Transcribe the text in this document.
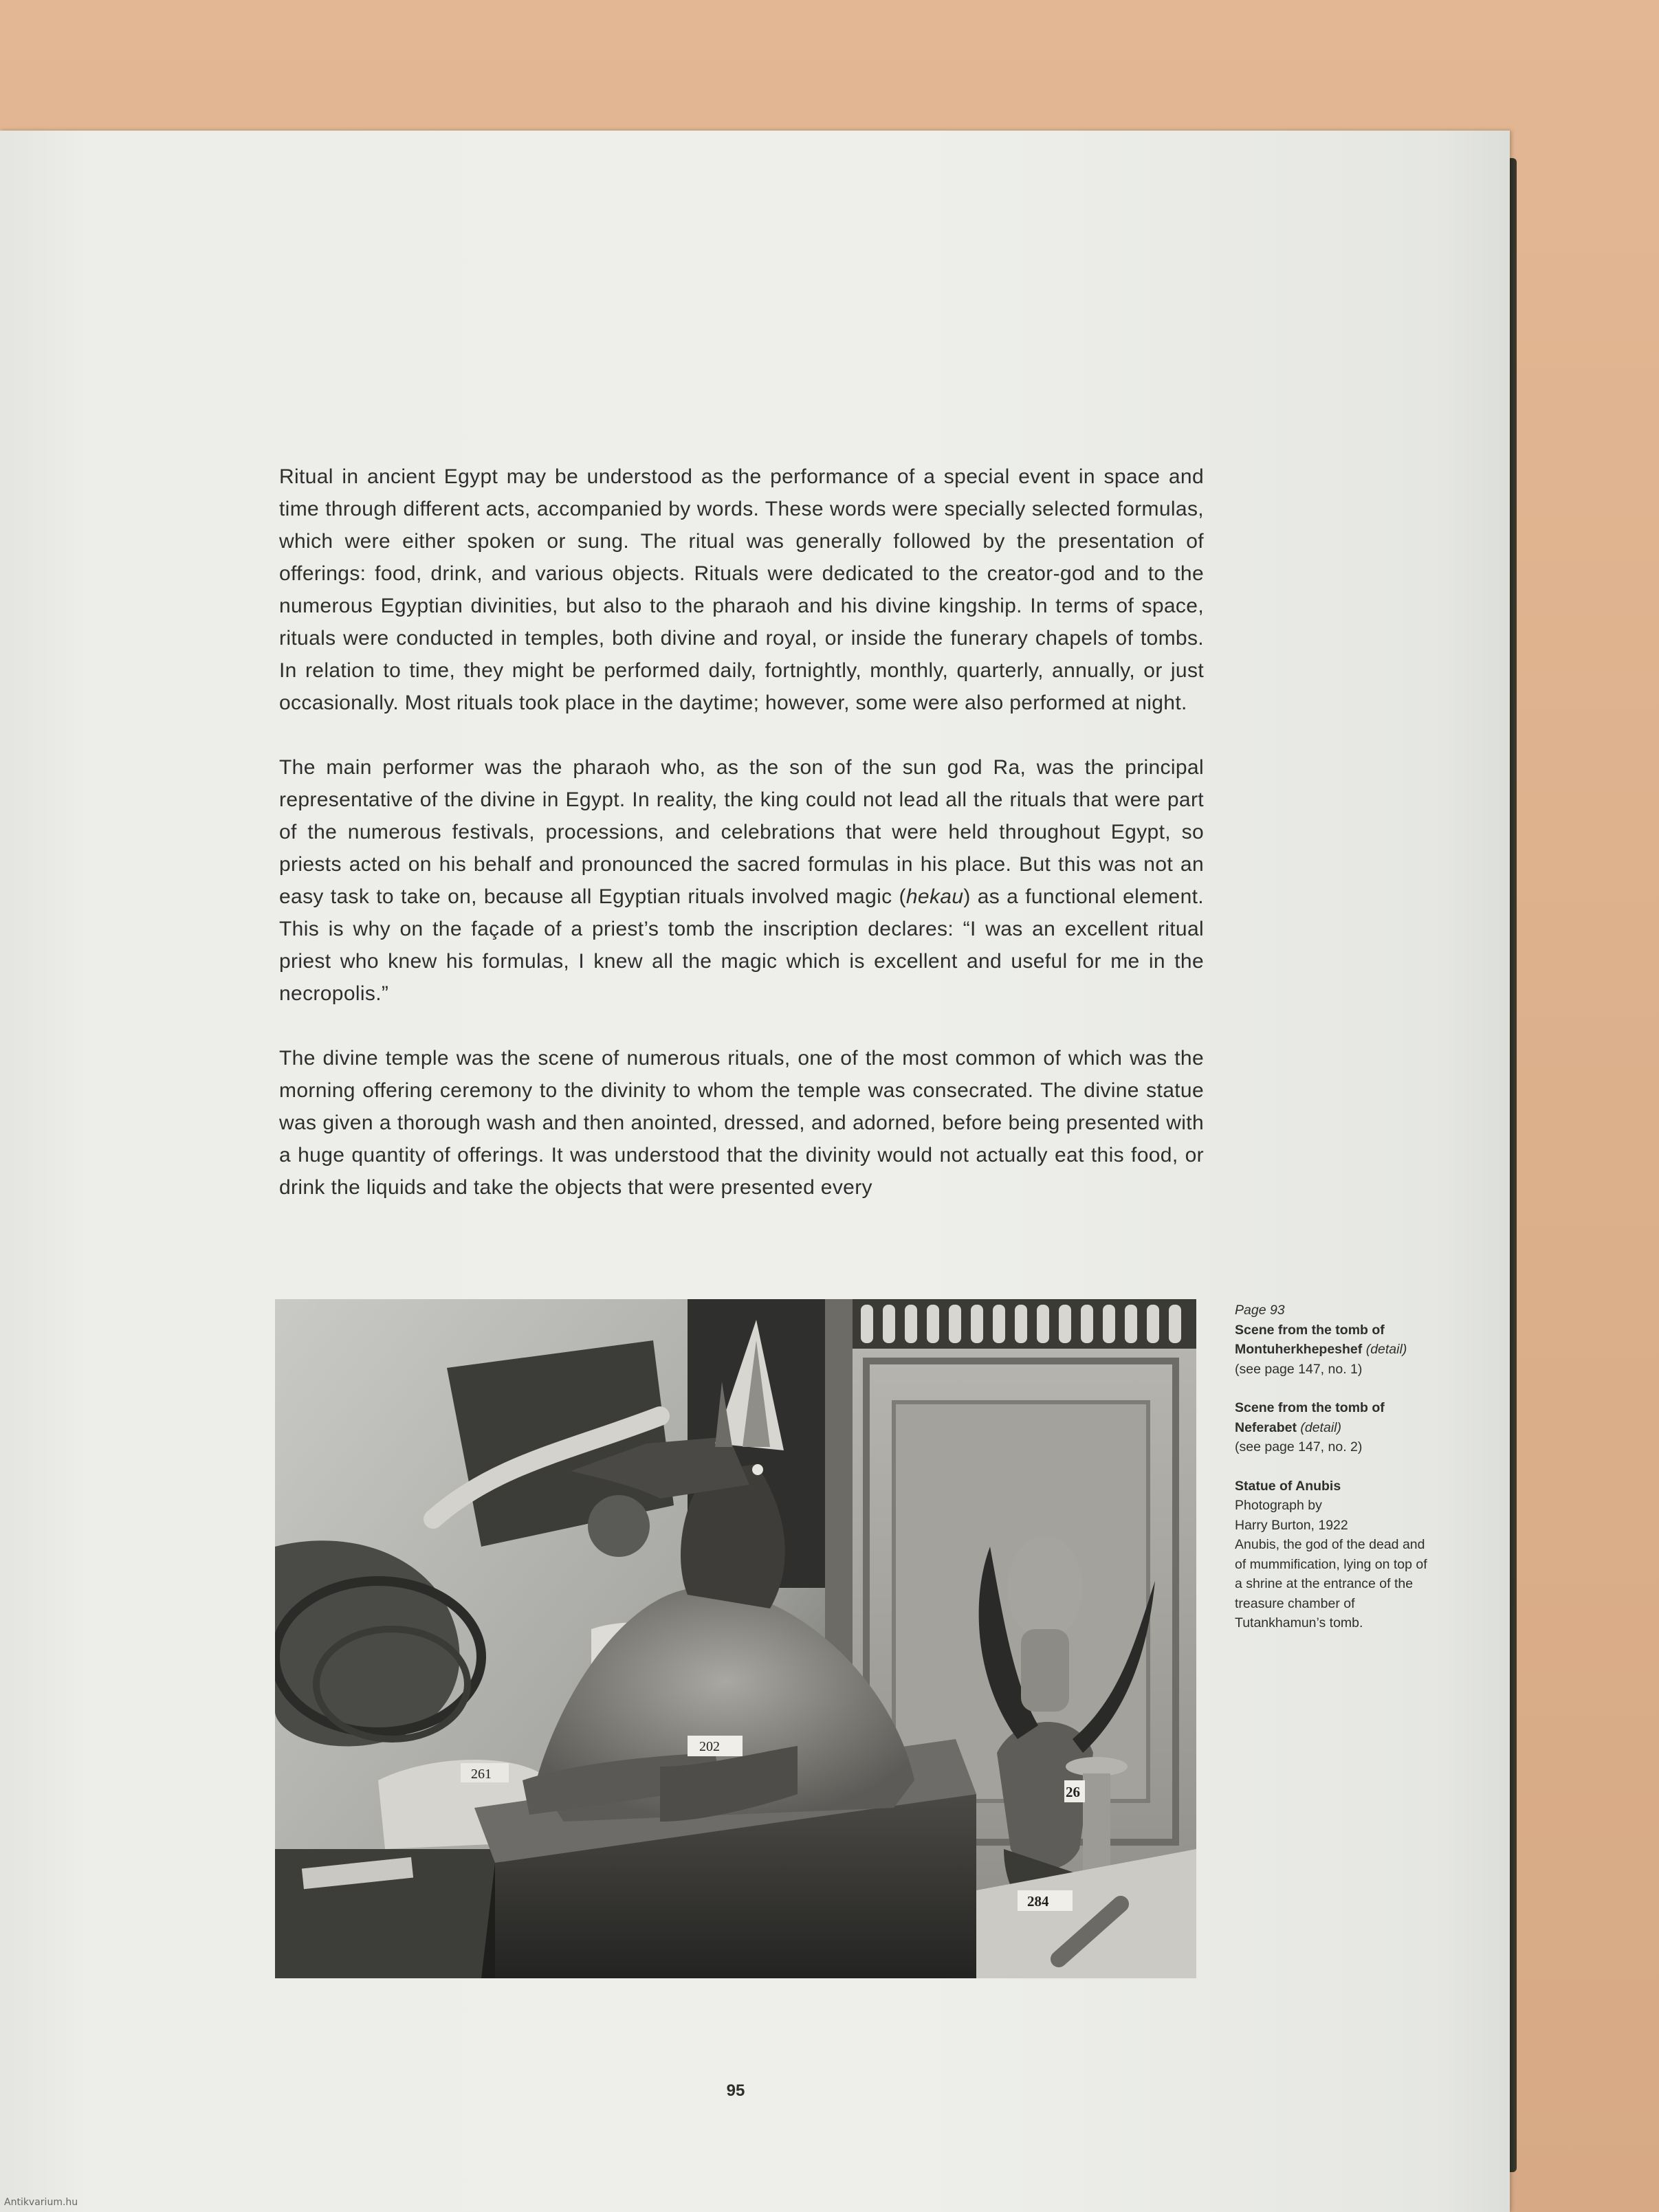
Ritual in ancient Egypt may be understood as the performance of a special event in space and time through different acts, accompanied by words. These words were specially selected formulas, which were either spoken or sung. The ritual was generally followed by the presentation of offerings: food, drink, and various objects. Rituals were dedicated to the creator-god and to the numerous Egyptian divinities, but also to the pharaoh and his divine kingship. In terms of space, rituals were conducted in temples, both divine and royal, or inside the funerary chapels of tombs. In relation to time, they might be performed daily, fortnightly, monthly, quarterly, annually, or just occasionally. Most rituals took place in the daytime; however, some were also performed at night.

The main performer was the pharaoh who, as the son of the sun god Ra, was the principal representative of the divine in Egypt. In reality, the king could not lead all the rituals that were part of the numerous festivals, processions, and celebrations that were held throughout Egypt, so priests acted on his behalf and pronounced the sacred formulas in his place. But this was not an easy task to take on, because all Egyptian rituals involved magic (hekau) as a functional element. This is why on the façade of a priest’s tomb the inscription declares: “I was an excellent ritual priest who knew his formulas, I knew all the magic which is excellent and useful for me in the necropolis.”

The divine temple was the scene of numerous rituals, one of the most common of which was the morning offering ceremony to the divinity to whom the temple was consecrated. The divine statue was given a thorough wash and then anointed, dressed, and adorned, before being presented with a huge quantity of offerings. It was understood that the divinity would not actually eat this food, or drink the liquids and take the objects that were presented every

261
202
284
26
Page 93
Scene from the tomb of Montuherkhepeshef (detail)
(see page 147, no. 1)
Scene from the tomb of Neferabet (detail)
(see page 147, no. 2)
Statue of Anubis
Photograph by
Harry Burton, 1922
Anubis, the god of the dead and of mummification, lying on top of a shrine at the entrance of the treasure chamber of Tutankhamun’s tomb.
95
Antikvarium.hu
